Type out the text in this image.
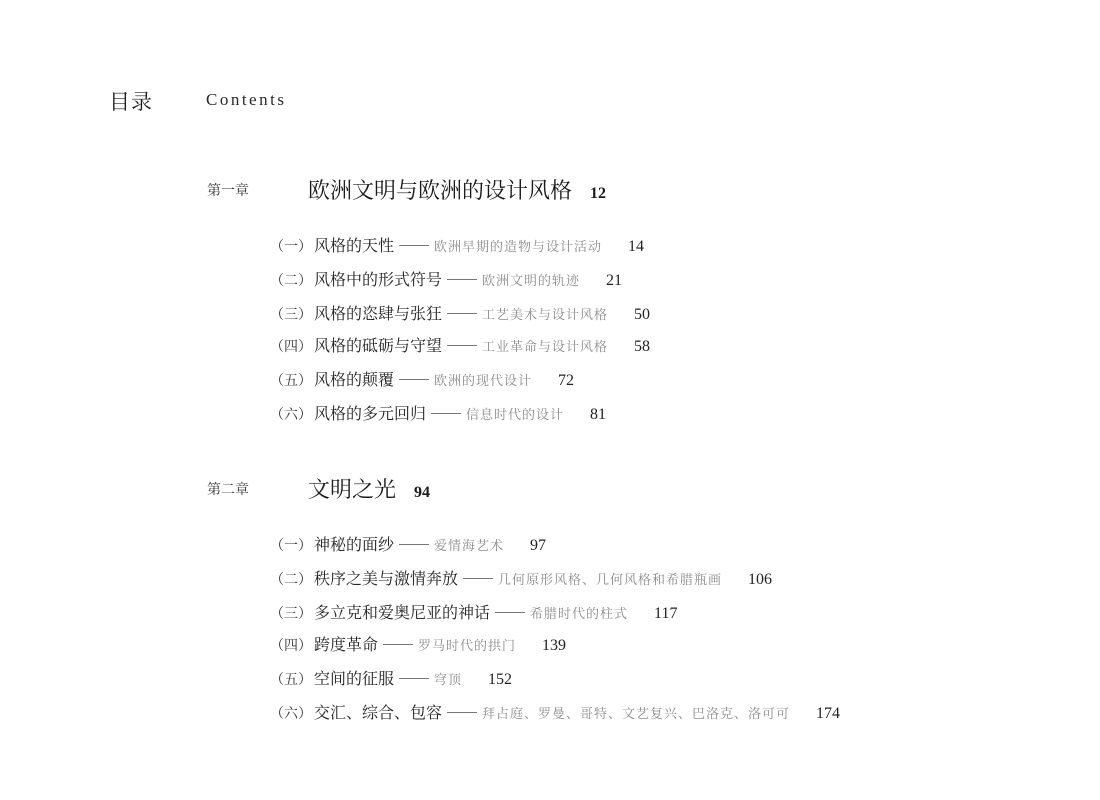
目录	Contents
第一章	欧洲文明与欧洲的设计风格 12
（一） 风格的天性	欧洲早期的造物与设计活动 14
（二） 风格中的形式符号	欧洲文明的轨迹 21
（三） 风格的恣肆与张狂	工艺美术与设计风格 50
（四） 风格的砥砺与守望	工业革命与设计风格 58
（五） 风格的颠覆	欧洲的现代设计 72
（六） 风格的多元回归	信息时代的设计 81
第二章	文明之光 94
（一） 神秘的面纱	爱情海艺术 97
（二） 秩序之美与激情奔放	几何原形风格、几何风格和希腊瓶画 106
（三） 多立克和爱奥尼亚的神话	希腊时代的柱式 117
（四） 跨度革命	罗马时代的拱门 139
（五） 空间的征服	穹顶 152
（六） 交汇、综合、包容	拜占庭、罗曼、哥特、文艺复兴、巴洛克、洛可可 174
